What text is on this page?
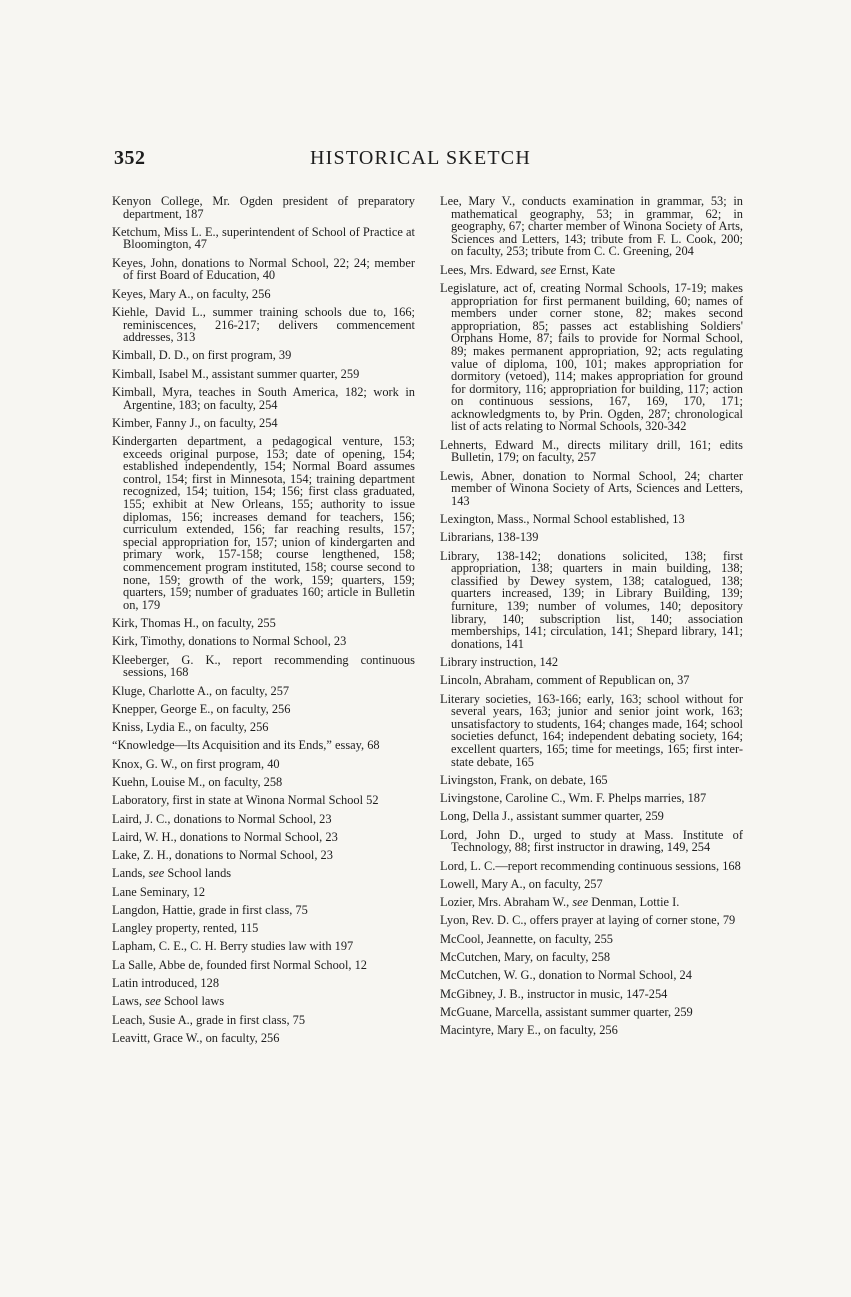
352	HISTORICAL SKETCH

Kenyon College, Mr. Ogden president of preparatory department, 187

Ketchum, Miss L. E., superintendent of School of Practice at Bloomington, 47

Keyes, John, donations to Normal School, 22; 24; member of first Board of Education, 40

Keyes, Mary A., on faculty, 256

Kiehle, David L., summer training schools due to, 166; reminiscences, 216-217; delivers commencement addresses, 313

Kimball, D. D., on first program, 39

Kimball, Isabel M., assistant summer quarter, 259

Kimball, Myra, teaches in South America, 182; work in Argentine, 183; on faculty, 254

Kimber, Fanny J., on faculty, 254

Kindergarten department, a pedagogical venture, 153; exceeds original purpose, 153; date of opening, 154; established independently, 154; Normal Board assumes control, 154; first in Minnesota, 154; training department recognized, 154; tuition, 154; 156; first class graduated, 155; exhibit at New Orleans, 155; authority to issue diplomas, 156; increases demand for teachers, 156; curriculum extended, 156; far reaching results, 157; special appropriation for, 157; union of kindergarten and primary work, 157-158; course lengthened, 158; commencement program instituted, 158; course second to none, 159; growth of the work, 159; quarters, 159; quarters, 159; number of graduates 160; article in Bulletin on, 179

Kirk, Thomas H., on faculty, 255

Kirk, Timothy, donations to Normal School, 23

Kleeberger, G. K., report recommending continuous sessions, 168

Kluge, Charlotte A., on faculty, 257

Knepper, George E., on faculty, 256

Kniss, Lydia E., on faculty, 256

“Knowledge—Its Acquisition and its Ends,” essay, 68

Knox, G. W., on first program, 40

Kuehn, Louise M., on faculty, 258

Laboratory, first in state at Winona Normal School 52

Laird, J. C., donations to Normal School, 23

Laird, W. H., donations to Normal School, 23

Lake, Z. H., donations to Normal School, 23

Lands, see School lands

Lane Seminary, 12

Langdon, Hattie, grade in first class, 75

Langley property, rented, 115

Lapham, C. E., C. H. Berry studies law with 197

La Salle, Abbe de, founded first Normal School, 12

Latin introduced, 128

Laws, see School laws

Leach, Susie A., grade in first class, 75

Leavitt, Grace W., on faculty, 256

Lee, Mary V., conducts examination in grammar, 53; in mathematical geography, 53; in grammar, 62; in geography, 67; charter member of Winona Society of Arts, Sciences and Letters, 143; tribute from F. L. Cook, 200; on faculty, 253; tribute from C. C. Greening, 204

Lees, Mrs. Edward, see Ernst, Kate

Legislature, act of, creating Normal Schools, 17-19; makes appropriation for first permanent building, 60; names of members under corner stone, 82; makes second appropriation, 85; passes act establishing Soldiers' Orphans Home, 87; fails to provide for Normal School, 89; makes permanent appropriation, 92; acts regulating value of diploma, 100, 101; makes appropriation for dormitory (vetoed), 114; makes appropriation for ground for dormitory, 116; appropriation for building, 117; action on continuous sessions, 167, 169, 170, 171; acknowledgments to, by Prin. Ogden, 287; chronological list of acts relating to Normal Schools, 320-342

Lehnerts, Edward M., directs military drill, 161; edits Bulletin, 179; on faculty, 257

Lewis, Abner, donation to Normal School, 24; charter member of Winona Society of Arts, Sciences and Letters, 143

Lexington, Mass., Normal School established, 13

Librarians, 138-139

Library, 138-142; donations solicited, 138; first appropriation, 138; quarters in main building, 138; classified by Dewey system, 138; catalogued, 138; quarters increased, 139; in Library Building, 139; furniture, 139; number of volumes, 140; depository library, 140; subscription list, 140; association memberships, 141; circulation, 141; Shepard library, 141; donations, 141

Library instruction, 142

Lincoln, Abraham, comment of Republican on, 37

Literary societies, 163-166; early, 163; school without for several years, 163; junior and senior joint work, 163; unsatisfactory to students, 164; changes made, 164; school societies defunct, 164; independent debating society, 164; excellent quarters, 165; time for meetings, 165; first inter-state debate, 165

Livingston, Frank, on debate, 165

Livingstone, Caroline C., Wm. F. Phelps marries, 187

Long, Della J., assistant summer quarter, 259

Lord, John D., urged to study at Mass. Institute of Technology, 88; first instructor in drawing, 149, 254

Lord, L. C.—report recommending continuous sessions, 168

Lowell, Mary A., on faculty, 257

Lozier, Mrs. Abraham W., see Denman, Lottie I.

Lyon, Rev. D. C., offers prayer at laying of corner stone, 79

McCool, Jeannette, on faculty, 255

McCutchen, Mary, on faculty, 258

McCutchen, W. G., donation to Normal School, 24

McGibney, J. B., instructor in music, 147-254

McGuane, Marcella, assistant summer quarter, 259

Macintyre, Mary E., on faculty, 256
